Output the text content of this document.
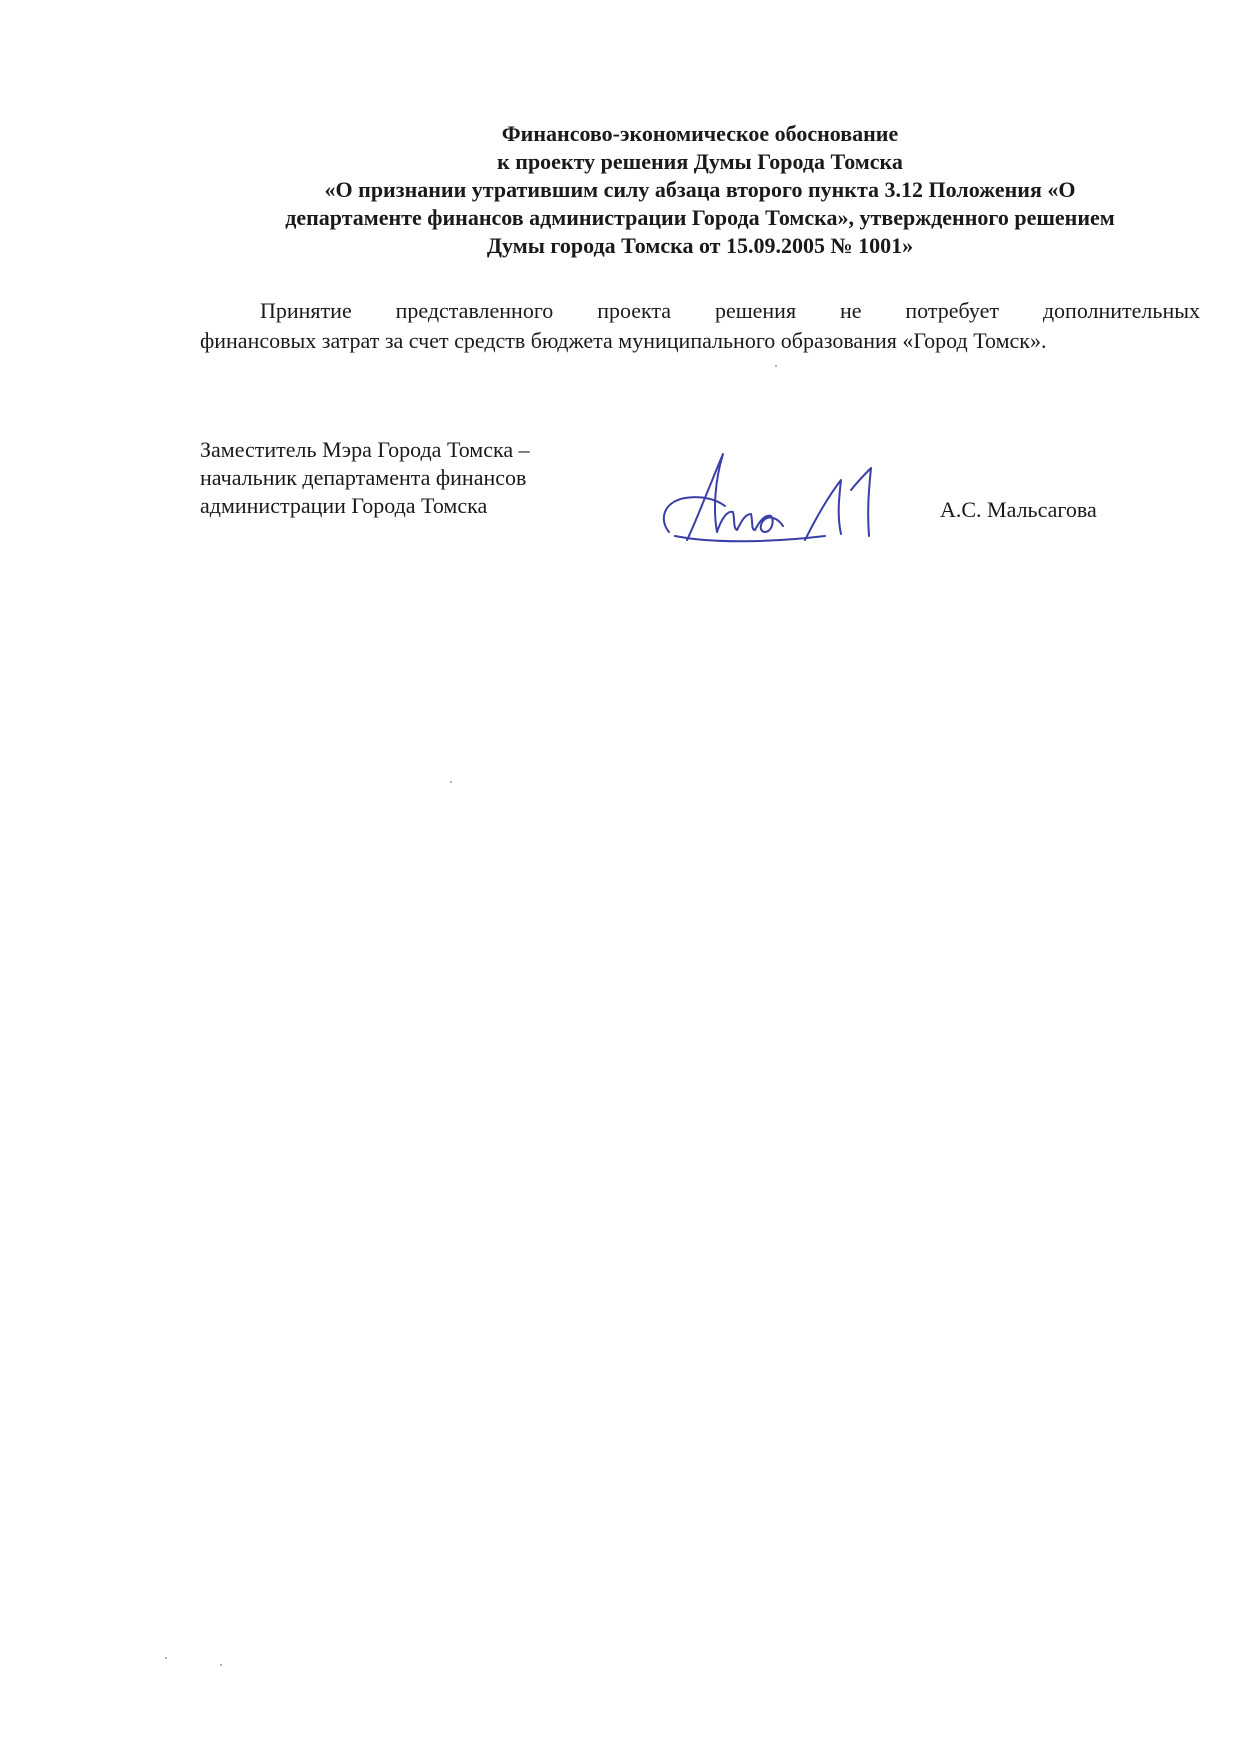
Финансово-экономическое обоснование
к проекту решения Думы Города Томска
«О признании утратившим силу абзаца второго пункта 3.12 Положения «О
департаменте финансов администрации Города Томска», утвержденного решением
Думы города Томска от 15.09.2005 № 1001»
Принятие представленного проекта решения не потребует дополнительных
финансовых затрат за счет средств бюджета муниципального образования «Город Томск».
Заместитель Мэра Города Томска –
начальник департамента финансов
администрации Города Томска	А.С. Мальсагова
